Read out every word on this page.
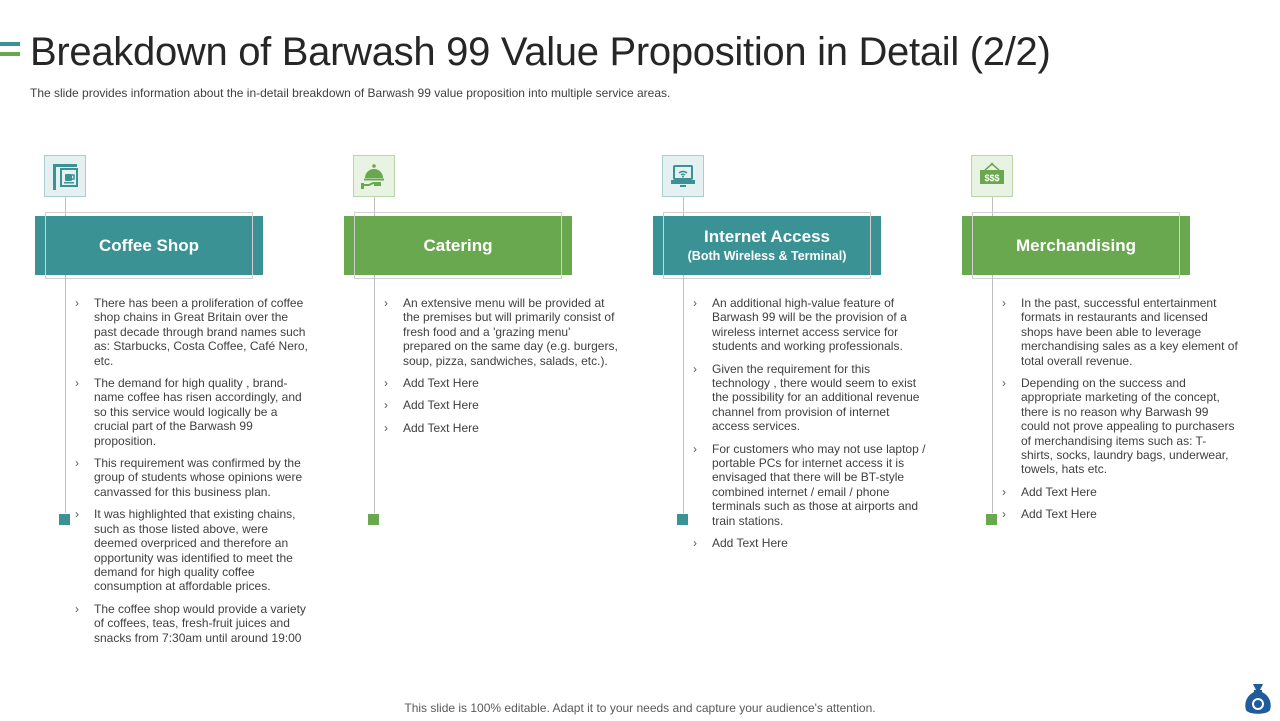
Breakdown of Barwash 99 Value Proposition in Detail (2/2)
The slide provides information about the in-detail breakdown of Barwash 99 value proposition into multiple service areas.
Coffee Shop
› There has been a proliferation of coffee shop chains in Great Britain over the past decade through brand names such as: Starbucks, Costa Coffee, Café Nero, etc.
› The demand for high quality , brand-name coffee has risen accordingly, and so this service would logically be a crucial part of the Barwash 99 proposition.
› This requirement was confirmed by the group of students whose opinions were canvassed for this business plan.
› It was highlighted that existing chains, such as those listed above, were deemed overpriced and therefore an opportunity was identified to meet the demand for high quality coffee consumption at affordable prices.
› The coffee shop would provide a variety of coffees, teas, fresh-fruit juices and snacks from 7:30am until around 19:00
Catering
› An extensive menu will be provided at the premises but will primarily consist of fresh food and a 'grazing menu' prepared on the same day (e.g. burgers, soup, pizza, sandwiches, salads, etc.).
› Add Text Here
› Add Text Here
› Add Text Here
Internet Access
(Both Wireless & Terminal)
› An additional high-value feature of Barwash 99 will be the provision of a wireless internet access service for students and working professionals.
› Given the requirement for this technology , there would seem to exist the possibility for an additional revenue channel from provision of internet access services.
› For customers who may not use laptop / portable PCs for internet access it is envisaged that there will be BT-style combined internet / email / phone terminals such as those at airports and train stations.
› Add Text Here
$$$
Merchandising
› In the past, successful entertainment formats in restaurants and licensed shops have been able to leverage merchandising sales as a key element of total overall revenue.
› Depending on the success and appropriate marketing of the concept, there is no reason why Barwash 99 could not prove appealing to purchasers of merchandising items such as: T-shirts, socks, laundry bags, underwear, towels, hats etc.
› Add Text Here
› Add Text Here
This slide is 100% editable. Adapt it to your needs and capture your audience's attention.
